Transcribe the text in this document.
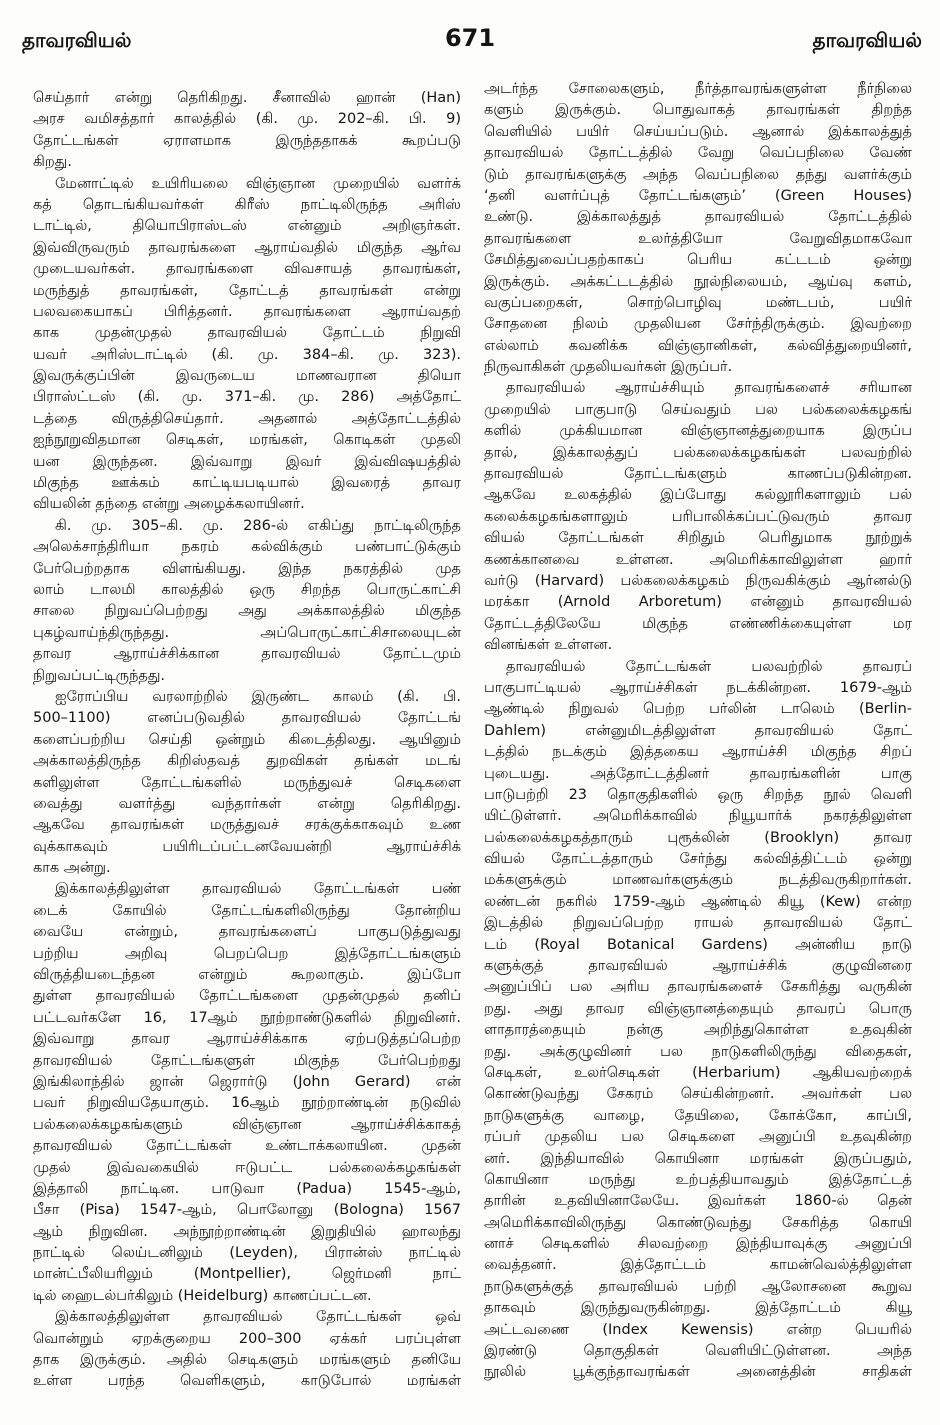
தாவரவியல்	671	தாவரவியல்
செய்தார் என்று தெரிகிறது. சீனாவில் ஹான் (Han)
அரச வமிசத்தார் காலத்தில் (கி. மு. 202–கி. பி. 9)
தோட்டங்கள் ஏராளமாக இருந்ததாகக் கூறப்படு
கிறது.
மேனாட்டில் உயிரியலை விஞ்ஞான முறையில் வளர்க்
கத் தொடங்கியவர்கள் கிரீஸ் நாட்டிலிருந்த அரிஸ்
டாட்டில், தியொபிராஸ்டஸ் என்னும் அறிஞர்கள்.
இவ்விருவரும் தாவரங்களை ஆராய்வதில் மிகுந்த ஆர்வ
முடையவர்கள். தாவரங்களை விவசாயத் தாவரங்கள்,
மருந்துத் தாவரங்கள், தோட்டத் தாவரங்கள் என்று
பலவகையாகப் பிரித்தனர். தாவரங்களை ஆராய்வதற்
காக முதன்முதல் தாவரவியல் தோட்டம் நிறுவி
யவர் அரிஸ்டாட்டில் (கி. மு. 384–கி. மு. 323).
இவருக்குப்பின் இவருடைய மாணவரான தியொ
பிராஸ்ட்டஸ் (கி. மு. 371–கி. மு. 286) அத்தோட்
டத்தை விருத்திசெய்தார். அதனால் அத்தோட்டத்தில்
ஐந்நூறுவிதமான செடிகள், மரங்கள், கொடிகள் முதலி
யன இருந்தன. இவ்வாறு இவர் இவ்விஷயத்தில்
மிகுந்த ஊக்கம் காட்டியபடியால் இவரைத் தாவர
வியலின் தந்தை என்று அழைக்கலாயினர்.
கி. மு. 305–கி. மு. 286-ல் எகிப்து நாட்டிலிருந்த
அலெக்சாந்திரியா நகரம் கல்விக்கும் பண்பாட்டுக்கும்
பேர்பெற்றதாக விளங்கியது. இந்த நகரத்தில் முத
லாம் டாலமி காலத்தில் ஒரு சிறந்த பொருட்காட்சி
சாலை நிறுவப்பெற்றது அது அக்காலத்தில் மிகுந்த
புகழ்வாய்ந்திருந்தது. அப்பொருட்காட்சிசாலையுடன்
தாவர ஆராய்ச்சிக்கான தாவரவியல் தோட்டமும்
நிறுவப்பட்டிருந்தது.
ஐரோப்பிய வரலாற்றில் இருண்ட காலம் (கி. பி.
500–1100) எனப்படுவதில் தாவரவியல் தோட்டங்
களைப்பற்றிய செய்தி ஒன்றும் கிடைத்திலது. ஆயினும்
அக்காலத்திருந்த கிறிஸ்தவத் துறவிகள் தங்கள் மடங்
களிலுள்ள தோட்டங்களில் மருந்துவச் செடிகளை
வைத்து வளர்த்து வந்தார்கள் என்று தெரிகிறது.
ஆகவே தாவரங்கள் மருத்துவச் சரக்குக்காகவும் உண
வுக்காகவும் பயிரிடப்பட்டனவேயன்றி ஆராய்ச்சிக்
காக அன்று.
இக்காலத்திலுள்ள தாவரவியல் தோட்டங்கள் பண்
டைக் கோயில் தோட்டங்களிலிருந்து தோன்றிய
வையே என்றும், தாவரங்களைப் பாகுபடுத்துவது
பற்றிய அறிவு பெறப்பெற இத்தோட்டங்களும்
விருத்தியடைந்தன என்றும் கூறலாகும். இப்போ
துள்ள தாவரவியல் தோட்டங்களை முதன்முதல் தனிப்
பட்டவர்களே 16, 17ஆம் நூற்றாண்டுகளில் நிறுவினர்.
இவ்வாறு தாவர ஆராய்ச்சிக்காக ஏற்படுத்தப்பெற்ற
தாவரவியல் தோட்டங்களுள் மிகுந்த பேர்பெற்றது
இங்கிலாந்தில் ஜான் ஜெரார்டு (John Gerard) என்
பவர் நிறுவியதேயாகும். 16ஆம் நூற்றாண்டின் நடுவில்
பல்கலைக்கழகங்களும் விஞ்ஞான ஆராய்ச்சிக்காகத்
தாவரவியல் தோட்டங்கள் உண்டாக்கலாயின. முதன்
முதல் இவ்வகையில் ஈடுபட்ட பல்கலைக்கழகங்கள்
இத்தாலி நாட்டின. பாடுவா (Padua) 1545-ஆம்,
பீசா (Pisa) 1547-ஆம், பொலோனு (Bologna) 1567
ஆம் நிறுவின. அந்நூற்றாண்டின் இறுதியில் ஹாலந்து
நாட்டில் லெய்டனிலும் (Leyden), பிரான்ஸ் நாட்டில்
மான்ட்பீலியரிலும் (Montpellier), ஜெர்மனி நாட்
டில் ஹைடல்பர்கிலும் (Heidelburg) காணப்பட்டன.
இக்காலத்திலுள்ள தாவரவியல் தோட்டங்கள் ஒவ்
வொன்றும் ஏறக்குறைய 200–300 ஏக்கர் பரப்புள்ள
தாக இருக்கும். அதில் செடிகளும் மரங்களும் தனியே
உள்ள பரந்த வெளிகளும், காடுபோல் மரங்கள்
அடர்ந்த சோலைகளும், நீர்த்தாவரங்களுள்ள நீர்நிலை
களும் இருக்கும். பொதுவாகத் தாவரங்கள் திறந்த
வெளியில் பயிர் செய்யப்படும். ஆனால் இக்காலத்துத்
தாவரவியல் தோட்டத்தில் வேறு வெப்பநிலை வேண்
டும் தாவரங்களுக்கு அந்த வெப்பநிலை தந்து வளர்க்கும்
‘தனி வளர்ப்புத் தோட்டங்களும்’ (Green Houses)
உண்டு. இக்காலத்துத் தாவரவியல் தோட்டத்தில்
தாவரங்களை உலர்த்தியோ வேறுவிதமாகவோ
சேமித்துவைப்பதற்காகப் பெரிய கட்டடம் ஒன்று
இருக்கும். அக்கட்டடத்தில் நூல்நிலையம், ஆய்வு களம்,
வகுப்பறைகள், சொற்பொழிவு மண்டபம், பயிர்
சோதனை நிலம் முதலியன சேர்ந்திருக்கும். இவற்றை
எல்லாம் கவனிக்க விஞ்ஞானிகள், கல்வித்துறையினர்,
நிருவாகிகள் முதலியவர்கள் இருப்பர்.
தாவரவியல் ஆராய்ச்சியும் தாவரங்களைச் சரியான
முறையில் பாகுபாடு செய்வதும் பல பல்கலைக்கழகங்
களில் முக்கியமான விஞ்ஞானத்துறையாக இருப்ப
தால், இக்காலத்துப் பல்கலைக்கழகங்கள் பலவற்றில்
தாவரவியல் தோட்டங்களும் காணப்படுகின்றன.
ஆகவே உலகத்தில் இப்போது கல்லூரிகளாலும் பல்
கலைக்கழகங்களாலும் பரிபாலிக்கப்பட்டுவரும் தாவர
வியல் தோட்டங்கள் சிறிதும் பெரிதுமாக நூற்றுக்
கணக்கானவை உள்ளன. அமெரிக்காவிலுள்ள ஹார்
வர்டு (Harvard) பல்கலைக்கழகம் நிருவகிக்கும் ஆர்னல்டு
மரக்கா (Arnold Arboretum) என்னும் தாவரவியல்
தோட்டத்திலேயே மிகுந்த எண்ணிக்கையுள்ள மர
வினங்கள் உள்ளன.
தாவரவியல் தோட்டங்கள் பலவற்றில் தாவரப்
பாகுபாட்டியல் ஆராய்ச்சிகள் நடக்கின்றன. 1679-ஆம்
ஆண்டில் நிறுவல் பெற்ற பர்லின் டாலெம் (Berlin-
Dahlem) என்னுமிடத்திலுள்ள தாவரவியல் தோட்
டத்தில் நடக்கும் இத்தகைய ஆராய்ச்சி மிகுந்த சிறப்
புடையது. அத்தோட்டத்தினர் தாவரங்களின் பாகு
பாடுபற்றி 23 தொகுதிகளில் ஒரு சிறந்த நூல் வெளி
யிட்டுள்ளர். அமெரிக்காவில் நியூயார்க் நகரத்திலுள்ள
பல்கலைக்கழகத்தாரும் புரூக்லின் (Brooklyn) தாவர
வியல் தோட்டத்தாரும் சேர்ந்து கல்வித்திட்டம் ஒன்று
மக்களுக்கும் மாணவர்களுக்கும் நடத்திவருகிறார்கள்.
லண்டன் நகரில் 1759-ஆம் ஆண்டில் கியூ (Kew) என்ற
இடத்தில் நிறுவப்பெற்ற ராயல் தாவரவியல் தோட்
டம் (Royal Botanical Gardens) அன்னிய நாடு
களுக்குத் தாவரவியல் ஆராய்ச்சிக் குழுவினரை
அனுப்பிப் பல அரிய தாவரங்களைச் சேகரித்து வருகின்
றது. அது தாவர விஞ்ஞானத்தையும் தாவரப் பொரு
ளாதாரத்தையும் நன்கு அறிந்துகொள்ள உதவுகின்
றது. அக்குழுவினர் பல நாடுகளிலிருந்து விதைகள்,
செடிகள், உலர்செடிகள் (Herbarium) ஆகியவற்றைக்
கொண்டுவந்து சேகரம் செய்கின்றனர். அவர்கள் பல
நாடுகளுக்கு வாழை, தேயிலை, கோக்கோ, காப்பி,
ரப்பர் முதலிய பல செடிகளை அனுப்பி உதவுகின்ற
னர். இந்தியாவில் கொயினா மரங்கள் இருப்பதும்,
கொயினா மருந்து உற்பத்தியாவதும் இத்தோட்டத்
தாரின் உதவியினாலேயே. இவர்கள் 1860-ல் தென்
அமெரிக்காவிலிருந்து கொண்டுவந்து சேகரித்த கொயி
னாச் செடிகளில் சிலவற்றை இந்தியாவுக்கு அனுப்பி
வைத்தனர். இத்தோட்டம் காமன்வெல்த்திலுள்ள
நாடுகளுக்குத் தாவரவியல் பற்றி ஆலோசனை கூறுவ
தாகவும் இருந்துவருகின்றது. இத்தோட்டம் கியூ
அட்டவணை (Index Kewensis) என்ற பெயரில்
இரண்டு தொகுதிகள் வெளியிட்டுள்ளன. அந்த
நூலில் பூக்குந்தாவரங்கள் அனைத்தின் சாதிகள்
